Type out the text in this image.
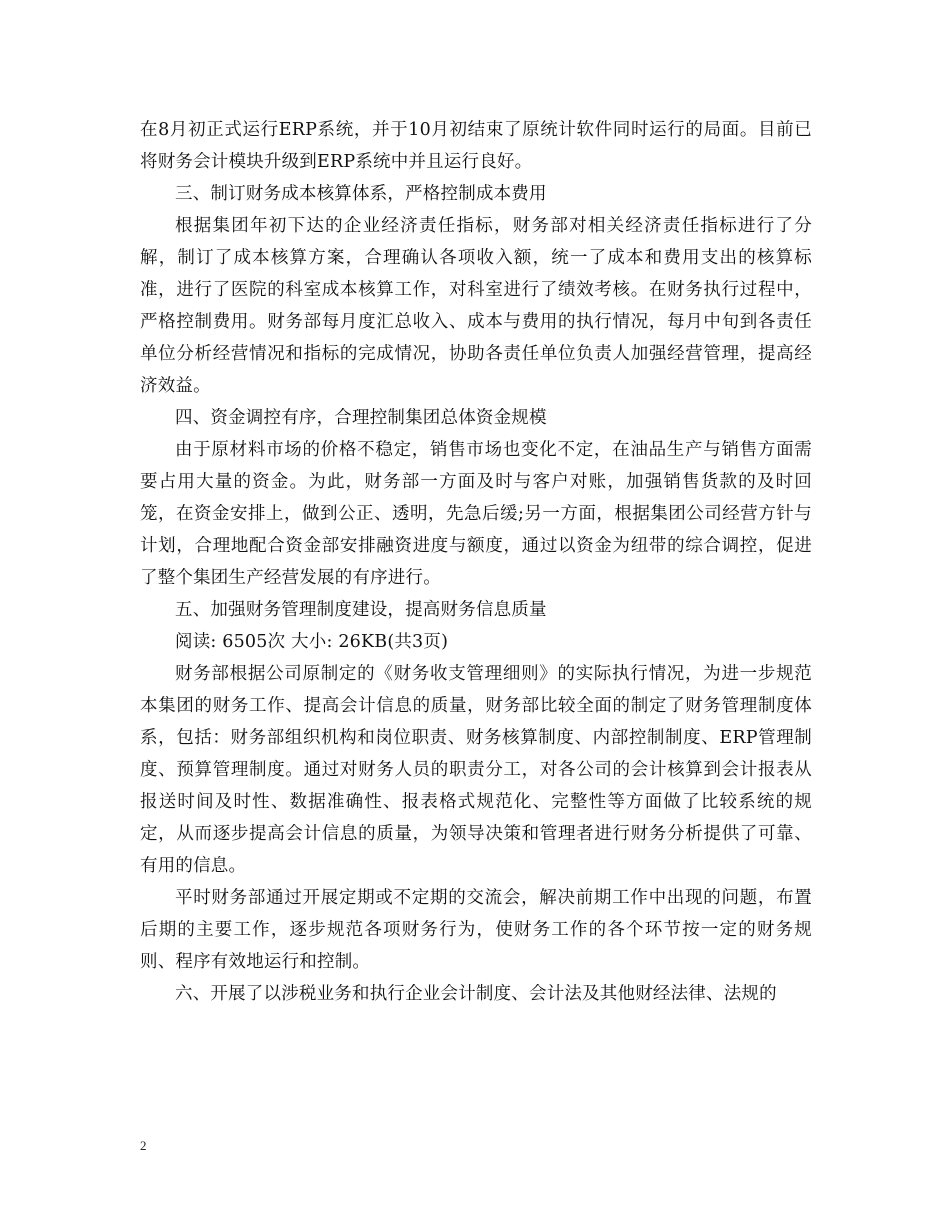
在8月初正式运行ERP系统，并于10月初结束了原统计软件同时运行的局面。目前已将财务会计模块升级到ERP系统中并且运行良好。

三、制订财务成本核算体系，严格控制成本费用

根据集团年初下达的企业经济责任指标，财务部对相关经济责任指标进行了分解，制订了成本核算方案，合理确认各项收入额，统一了成本和费用支出的核算标准，进行了医院的科室成本核算工作，对科室进行了绩效考核。在财务执行过程中，严格控制费用。财务部每月度汇总收入、成本与费用的执行情况，每月中旬到各责任单位分析经营情况和指标的完成情况，协助各责任单位负责人加强经营管理，提高经济效益。

四、资金调控有序，合理控制集团总体资金规模

由于原材料市场的价格不稳定，销售市场也变化不定，在油品生产与销售方面需要占用大量的资金。为此，财务部一方面及时与客户对账，加强销售货款的及时回笼，在资金安排上，做到公正、透明，先急后缓;另一方面，根据集团公司经营方针与计划，合理地配合资金部安排融资进度与额度，通过以资金为纽带的综合调控，促进了整个集团生产经营发展的有序进行。

五、加强财务管理制度建设，提高财务信息质量

阅读: 6505次 大小: 26KB(共3页)

财务部根据公司原制定的《财务收支管理细则》的实际执行情况，为进一步规范本集团的财务工作、提高会计信息的质量，财务部比较全面的制定了财务管理制度体系，包括：财务部组织机构和岗位职责、财务核算制度、内部控制制度、ERP管理制度、预算管理制度。通过对财务人员的职责分工，对各公司的会计核算到会计报表从报送时间及时性、数据准确性、报表格式规范化、完整性等方面做了比较系统的规定，从而逐步提高会计信息的质量，为领导决策和管理者进行财务分析提供了可靠、有用的信息。

平时财务部通过开展定期或不定期的交流会，解决前期工作中出现的问题，布置后期的主要工作，逐步规范各项财务行为，使财务工作的各个环节按一定的财务规则、程序有效地运行和控制。

六、开展了以涉税业务和执行企业会计制度、会计法及其他财经法律、法规的

2
